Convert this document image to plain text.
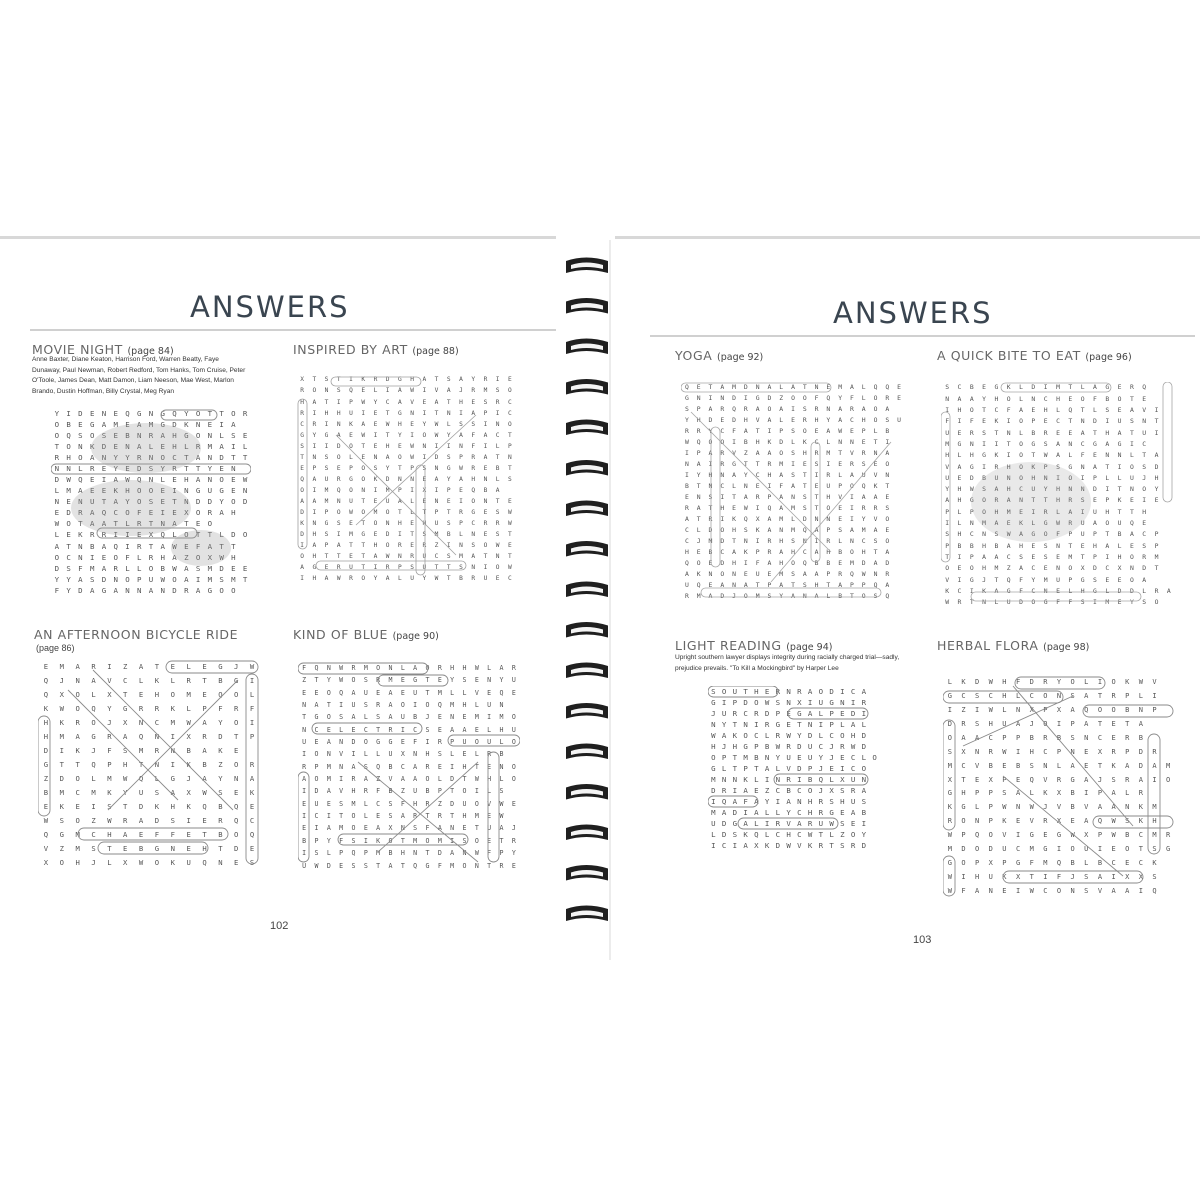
ANSWERS
MOVIE NIGHT (page 84)

Anne Baxter, Diane Keaton, Harrison Ford, Warren Beatty, Faye Dunaway, Paul Newman, Robert Redford, Tom Hanks, Tom Cruise, Peter O'Toole, James Dean, Matt Damon, Liam Neeson, Mae West, Marlon Brando, Dustin Hoffman, Billy Crystal, Meg Ryan

Y I D E N E Q G N G Q Y O T T O R
O B E G A M E A M G D K N E I A
O Q S O S E B N R A H G O N L S E
T O N K D E N A L E H L R M A I L
R H O A N Y Y R N O C T A N D T T
N N L R E Y E D S Y R T T Y E N
D W Q E I A W Q N L E H A N O E W
L M A E E K H O O E I N G U G E N
N E N U T A Y O S E T N D D Y O D
E D R A Q C O F E I E X O R A H
W O T A A T L R T N A T E O
L E K R R I I E X Q L O T T L D O
A T N B A Q I R T A W E F A T T
O C N I E O F L R H A Z O X W H
D S F M A R L L O B W A S M D E E
Y Y A S D N O P U W O A I M S M T
F Y D A G A N N A N D R A G O O
INSPIRED BY ART (page 88)
X T S T I K R D G H A T S A Y R I E
R O N S Q E L I A W I V A J R M S O
H A T I P W Y C A V E A T H E S R C
R I H H U I E T G N I T N I A P I C
C R I N K A E W H E Y W L S S I N O
G Y G A E W I T Y I O W Y A F A C T
S I I D O T E H E W N I I N F I L P
T N S O L E N A O W I D S P R A T N
E P S E P O S Y T P S N G W R E B T
Q A U R G O K D N N E A Y A H N L S
O I M Q O N I M P I X I P E Q B A
A A M N U T E U A L E N E I O N T E
D I P O W O M O T L T P T R G E S W
K N G S E T O N H E H U S P C R R W
D H S I M G E D I T S M B L N E S T
I A P A T T H O R E R Z I N S O W E
O H T T E T A W N R U C S M A T N T
A G E R U T I R P S U T T S N I O W
I H A W R O Y A L U Y W T B R U E C
AN AFTERNOON BICYCLE RIDE

(page 86)

E M A R I Z A T E L E G J W
Q J N A V C L K L R T B G I
Q X O L X T E H O M E Q O L
K W O Q Y G R R K L P F R F
H K R O J X N C M W A Y O I
H M A G R A Q N I X R D T P
D I K J F S M R N B A K E
G T T Q P H T N I K B Z O R
Z D O L M W Q L G J A Y N A
B M C M K Y U S A X W S E K
E K E I S T D K H K Q B Q E
W S O Z W R A D S I E R Q C
Q G M C H A E F F E T B O Q
V Z M S T E B G N E H T D E
X O H J L X W O K U Q N E S
KIND OF BLUE (page 90)
F Q N W R M O N L A O R H H W L A R
Z T Y W O S R M E G T E Y S E N Y U
E E O Q A U E A E U T M L L V E Q E
N A T I U S R A O I O Q M H L U N
T G O S A L S A U B J E N E M I M O
N C E L E C T R I C S E A A E L H U
U E A N D O G G E F I R P U O U L O
I O N V I L L U X N H S L E L R B
R P M N A S Q B C A R E I H T E N O
A O M I R A Z V A A O L D T W H L O
I D A V H R F B Z U B P T O I L S
E U E S M L C S F H R Z D U O V W E
I C I T O L E S A R T R T H M E W
E I A M O E A X N S F A N E T U A J
B P Y F S I K O T M O M I S O E T R
I S L P Q P M B H N T D A N W F P Y
U W D E S S T A T Q G F M O N T R E

102

ANSWERS
YOGA (page 92)
Q E T A M D N A L A T N E M A L Q Q E
G N I N D I G D Z O O F Q Y F L O R E
S P A R Q R A O A I S R N A R A O A
Y H D E D H V A L E R H Y A C H O S U
R R Y C F A T I P S O E A W E P L B
W Q O O I B H K D L K C L N N E T I
I P A R V Z A A O S H R M T V R N A
N A I R G T T R M I E S I E R S E O
I Y H N A Y C H A S T I R L A U V N
B T N C L N E I F A T E U P O Q K T
E N S I T A R P A N S T H V I A A E
R A T H E W I Q A M S T O E I R R S
A T R I K Q X A M L D N N E I Y V O
C L D O H S K A N M Q A P S A M A E
C J M D T N I R H S N I R L N C S O
H E B C A K P R A H C A H B O H T A
Q O E D H I F A H O Q B B E M D A D
A K N O N E U E M S A A P R Q W N R
U Q E A N A T P A T S H T A P P Q A
R M A D J O M S Y A N A L B T O S Q
A QUICK BITE TO EAT (page 96)
S C B E G K L D I M T L A G E R Q
N A A Y H O L N C H E O F B O T E
I H O T C F A E H L Q T L S E A V I
F I F E K I O P E C T N D I U S N T
U E R S T N L B R E E A T H A T U I
M G N I I T O G S A N C G A G I C
H L H G K I O T W A L F E N N L T A
V A G I R H O K P S G N A T I O S D
U E D B U N O H N I O I P L L U J H
Y H W S A H C U Y H N N D I T N O Y
A H G O R A N T T H R S E P K E I E
P L P O H M E I R L A I U H T T H
I L N M A E K L G W R U A O U Q E
S H C N S W A G O F P U P T B A C P
P B B H B A H E S N T E H A L E S P
T I P A A C S E S E M T P I H O R M
O E O H M Z A C E N O X D C X N D T
V I G J T Q F Y M U P G S E E O A
K C I K A G F C N E L H G L D D L R A
W R T N L U D O G F F S I M E Y S O
LIGHT READING (page 94)

Upright southern lawyer displays integrity during racially charged trial—sadly, prejudice prevails. "To Kill a Mockingbird" by Harper Lee

S O U T H E R N R A O D I C A
G I P D O W S N X I U G N I R
J U R C R D P E G A L P E D I
N Y T N I R G E T N I P L A L
W A K O C L R W Y D L C O H D
H J H G P B W R D U C J R W D
O P T M B N Y U E U Y J E C L O
G L T P T A L V D P J E I C O
M N N K L I N R I B Q L X U N
D R I A E Z C B C O J X S R A
I Q A F A Y I A N H R S H U S
M A D I A L L Y C H R G E A B
U D G A L I R V A R U W S E I
L D S K Q L C H C W T L Z O Y
I C I A X K D W V K R T S R D
HERBAL FLORA (page 98)
L K D W H F D R Y O L I O K W V
G C S C H L C O N S A T R P L I
I Z I W L N X P X A Q O O B N P
D R S H U A J O I P A T E T A
O A A C P P B R B S N C E R B
S X N R W I H C P N E X R P D R
M C V B E B S N L A E T K A D A M
X T E X P E Q V R G A J S R A I O
G H P P S A L K X B I P A L R
K G L P W N W J V B V A A N K M
R O N P K E V R X E A Q W S K H
W P Q O V I G E G W X P W B C M R
M D O D U C M G I O U I E O T S G
G O P X P G F M Q B L B C E C K
W I H U K X T I F J S A I X X S
W F A N E I W C O N S V A A I Q

103
